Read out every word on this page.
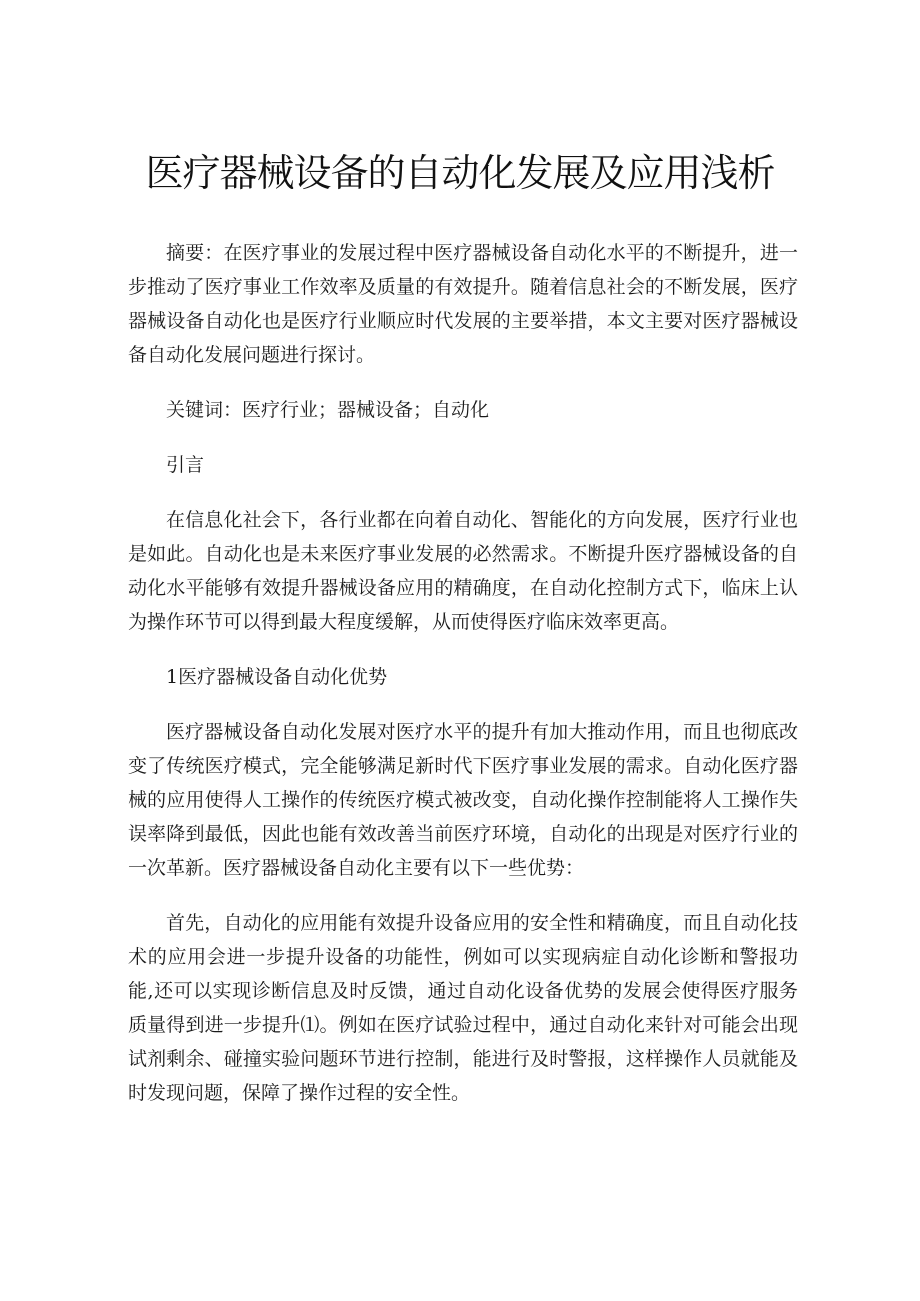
医疗器械设备的自动化发展及应用浅析

摘要：在医疗事业的发展过程中医疗器械设备自动化水平的不断提升，进一步推动了医疗事业工作效率及质量的有效提升。随着信息社会的不断发展，医疗器械设备自动化也是医疗行业顺应时代发展的主要举措，本文主要对医疗器械设备自动化发展问题进行探讨。

关键词：医疗行业；器械设备；自动化

引言

在信息化社会下，各行业都在向着自动化、智能化的方向发展，医疗行业也是如此。自动化也是未来医疗事业发展的必然需求。不断提升医疗器械设备的自动化水平能够有效提升器械设备应用的精确度，在自动化控制方式下，临床上认为操作环节可以得到最大程度缓解，从而使得医疗临床效率更高。

1医疗器械设备自动化优势

医疗器械设备自动化发展对医疗水平的提升有加大推动作用，而且也彻底改变了传统医疗模式，完全能够满足新时代下医疗事业发展的需求。自动化医疗器械的应用使得人工操作的传统医疗模式被改变，自动化操作控制能将人工操作失误率降到最低，因此也能有效改善当前医疗环境，自动化的出现是对医疗行业的一次革新。医疗器械设备自动化主要有以下一些优势：

首先，自动化的应用能有效提升设备应用的安全性和精确度，而且自动化技术的应用会进一步提升设备的功能性，例如可以实现病症自动化诊断和警报功能,还可以实现诊断信息及时反馈，通过自动化设备优势的发展会使得医疗服务质量得到进一步提升⑴。例如在医疗试验过程中，通过自动化来针对可能会出现试剂剩余、碰撞实验问题环节进行控制，能进行及时警报，这样操作人员就能及时发现问题，保障了操作过程的安全性。
